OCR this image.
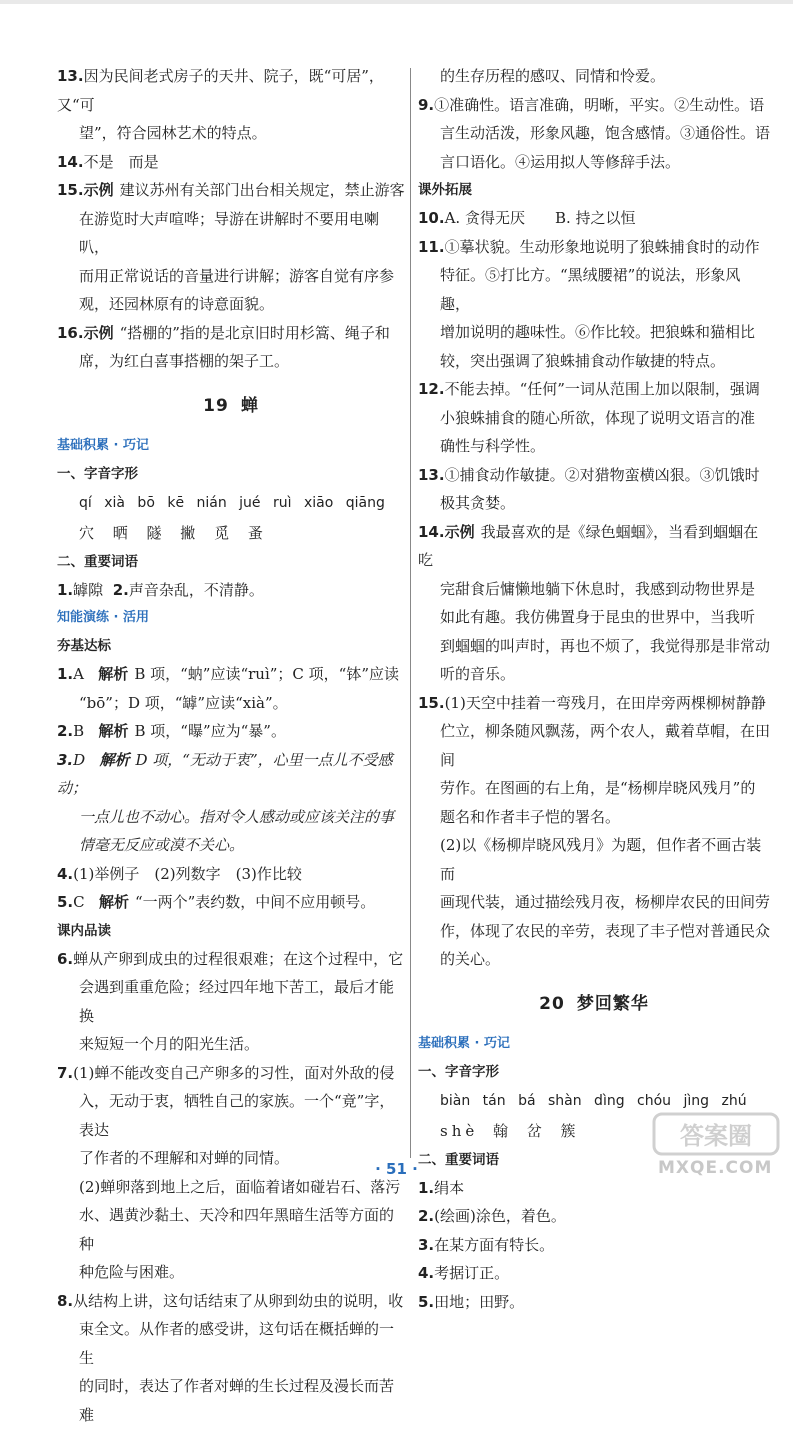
13.因为民间老式房子的天井、院子，既“可居”，又“可
望”，符合园林艺术的特点。
14.不是　而是
15.示例 建议苏州有关部门出台相关规定，禁止游客
在游览时大声喧哗；导游在讲解时不要用电喇叭，
而用正常说话的音量进行讲解；游客自觉有序参
观，还园林原有的诗意面貌。
16.示例 “搭棚的”指的是北京旧时用杉篙、绳子和
席，为红白喜事搭棚的架子工。
19 蝉
基础积累 · 巧记
一、字音字形
qí xià bō kē nián jué ruì xiāo qiāng
穴 晒 隧 撇 觅 蚤
二、重要词语
1.罅隙 2.声音杂乱，不清静。
知能演练 · 活用
夯基达标
1.A 解析 B 项，“蚋”应读“ruì”；C 项，“钵”应读
“bō”；D 项，“罅”应读“xià”。
2.B 解析 B 项，“曝”应为“暴”。
3.D 解析 D 项，“无动于衷”，心里一点儿不受感动；
一点儿也不动心。指对令人感动或应该关注的事
情毫无反应或漠不关心。
4.(1)举例子　(2)列数字　(3)作比较
5.C 解析 “一两个”表约数，中间不应用顿号。
课内品读
6.蝉从产卵到成虫的过程很艰难；在这个过程中，它
会遇到重重危险；经过四年地下苦工，最后才能换
来短短一个月的阳光生活。
7.(1)蝉不能改变自己产卵多的习性，面对外敌的侵
入，无动于衷，牺牲自己的家族。一个“竟”字，表达
了作者的不理解和对蝉的同情。
(2)蝉卵落到地上之后，面临着诸如碰岩石、落污
水、遇黄沙黏土、天冷和四年黑暗生活等方面的种
种危险与困难。
8.从结构上讲，这句话结束了从卵到幼虫的说明，收
束全文。从作者的感受讲，这句话在概括蝉的一生
的同时，表达了作者对蝉的生长过程及漫长而苦难
的生存历程的感叹、同情和怜爱。
9.①准确性。语言准确，明晰，平实。②生动性。语
言生动活泼，形象风趣，饱含感情。③通俗性。语
言口语化。④运用拟人等修辞手法。
课外拓展
10.A. 贪得无厌　　B. 持之以恒
11.①摹状貌。生动形象地说明了狼蛛捕食时的动作
特征。⑤打比方。“黑绒腰裙”的说法，形象风趣，
增加说明的趣味性。⑥作比较。把狼蛛和猫相比
较，突出强调了狼蛛捕食动作敏捷的特点。
12.不能去掉。“任何”一词从范围上加以限制，强调
小狼蛛捕食的随心所欲，体现了说明文语言的准
确性与科学性。
13.①捕食动作敏捷。②对猎物蛮横凶狠。③饥饿时
极其贪婪。
14.示例 我最喜欢的是《绿色蝈蝈》，当看到蝈蝈在吃
完甜食后慵懒地躺下休息时，我感到动物世界是
如此有趣。我仿佛置身于昆虫的世界中，当我听
到蝈蝈的叫声时，再也不烦了，我觉得那是非常动
听的音乐。
15.(1)天空中挂着一弯残月，在田岸旁两棵柳树静静
伫立，柳条随风飘荡，两个农人，戴着草帽，在田间
劳作。在图画的右上角，是“杨柳岸晓风残月”的
题名和作者丰子恺的署名。
(2)以《杨柳岸晓风残月》为题，但作者不画古装而
画现代装，通过描绘残月夜，杨柳岸农民的田间劳
作，体现了农民的辛劳，表现了丰子恺对普通民众
的关心。
20 梦回繁华
基础积累 · 巧记
一、字音字形
biàn tán bá shàn dìng chóu jìng zhú
shè 翰 岔 簇
二、重要词语
1.绢本
2.(绘画)涂色，着色。
3.在某方面有特长。
4.考据订正。
5.田地；田野。
· 51 ·
答案圈
MXQE.COM
